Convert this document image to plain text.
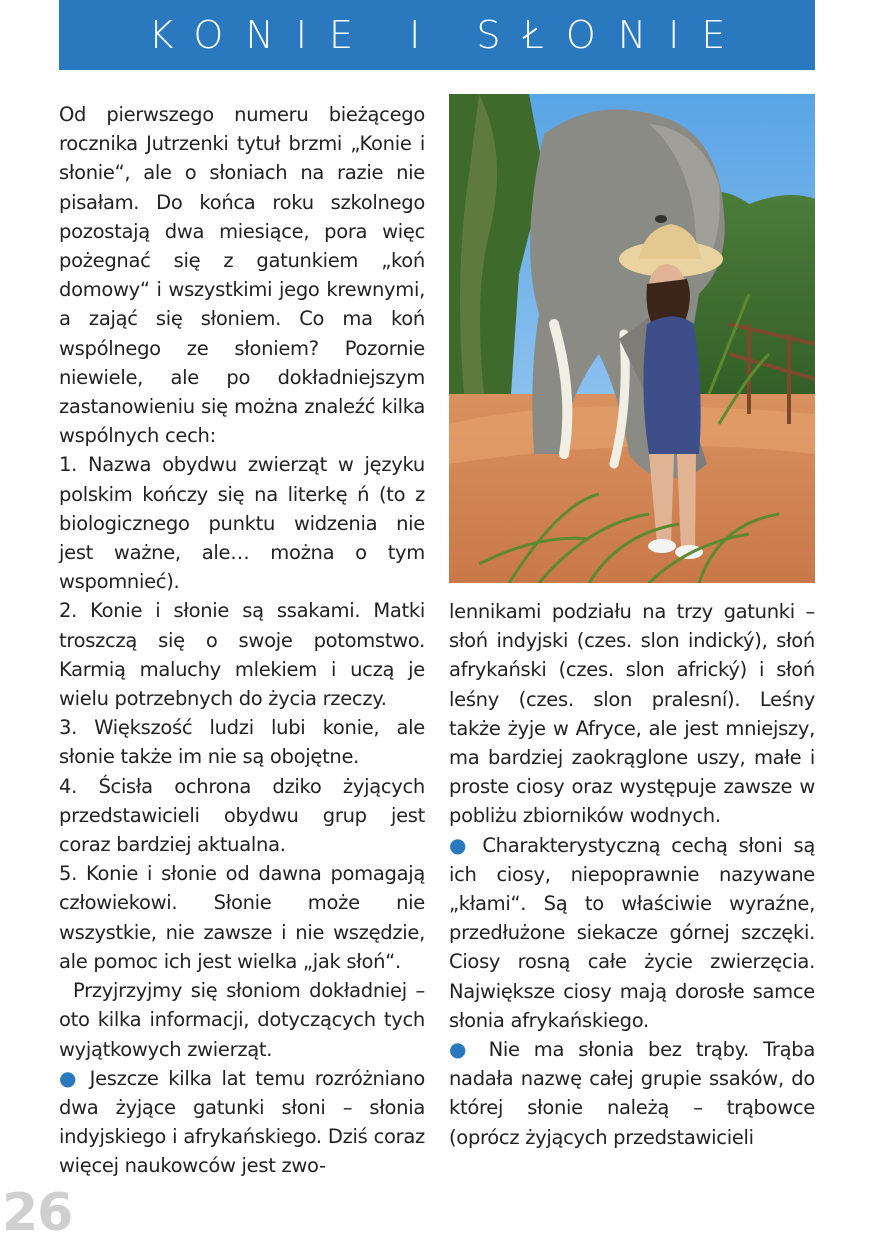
KONIE I SŁONIE

Od pierwszego numeru bieżącego rocznika Jutrzenki tytuł brzmi „Konie i słonie“, ale o słoniach na razie nie pisałam. Do końca roku szkolnego pozostają dwa miesiące, pora więc pożegnać się z gatunkiem „koń domowy“ i wszystkimi jego krewnymi, a zająć się słoniem. Co ma koń wspólnego ze słoniem? Pozornie niewiele, ale po dokładniejszym zastanowieniu się można znaleźć kilka wspólnych cech:

1. Nazwa obydwu zwierząt w języku polskim kończy się na literkę ń (to z biologicznego punktu widzenia nie jest ważne, ale… można o tym wspomnieć).

2. Konie i słonie są ssakami. Matki troszczą się o swoje potomstwo. Karmią maluchy mlekiem i uczą je wielu potrzebnych do życia rzeczy.

3. Większość ludzi lubi konie, ale słonie także im nie są obojętne.

4. Ścisła ochrona dziko żyjących przedstawicieli obydwu grup jest coraz bardziej aktualna.

5. Konie i słonie od dawna pomagają człowiekowi. Słonie może nie wszystkie, nie zawsze i nie wszędzie, ale pomoc ich jest wielka „jak słoń“.

Przyjrzyjmy się słoniom dokładniej – oto kilka informacji, dotyczących tych wyjątkowych zwierząt.

● Jeszcze kilka lat temu rozróżniano dwa żyjące gatunki słoni – słonia indyjskiego i afrykańskiego. Dziś coraz więcej naukowców jest zwo-

lennikami podziału na trzy gatunki – słoń indyjski (czes. slon indický), słoń afrykański (czes. slon africký) i słoń leśny (czes. slon pralesní). Leśny także żyje w Afryce, ale jest mniejszy, ma bardziej zaokrąglone uszy, małe i proste ciosy oraz występuje zawsze w pobliżu zbiorników wodnych.

● Charakterystyczną cechą słoni są ich ciosy, niepoprawnie nazywane „kłami“. Są to właściwie wyraźne, przedłużone siekacze górnej szczęki. Ciosy rosną całe życie zwierzęcia. Największe ciosy mają dorosłe samce słonia afrykańskiego.

● Nie ma słonia bez trąby. Trąba nadała nazwę całej grupie ssaków, do której słonie należą – trąbowce (oprócz żyjących przedstawicieli

26
